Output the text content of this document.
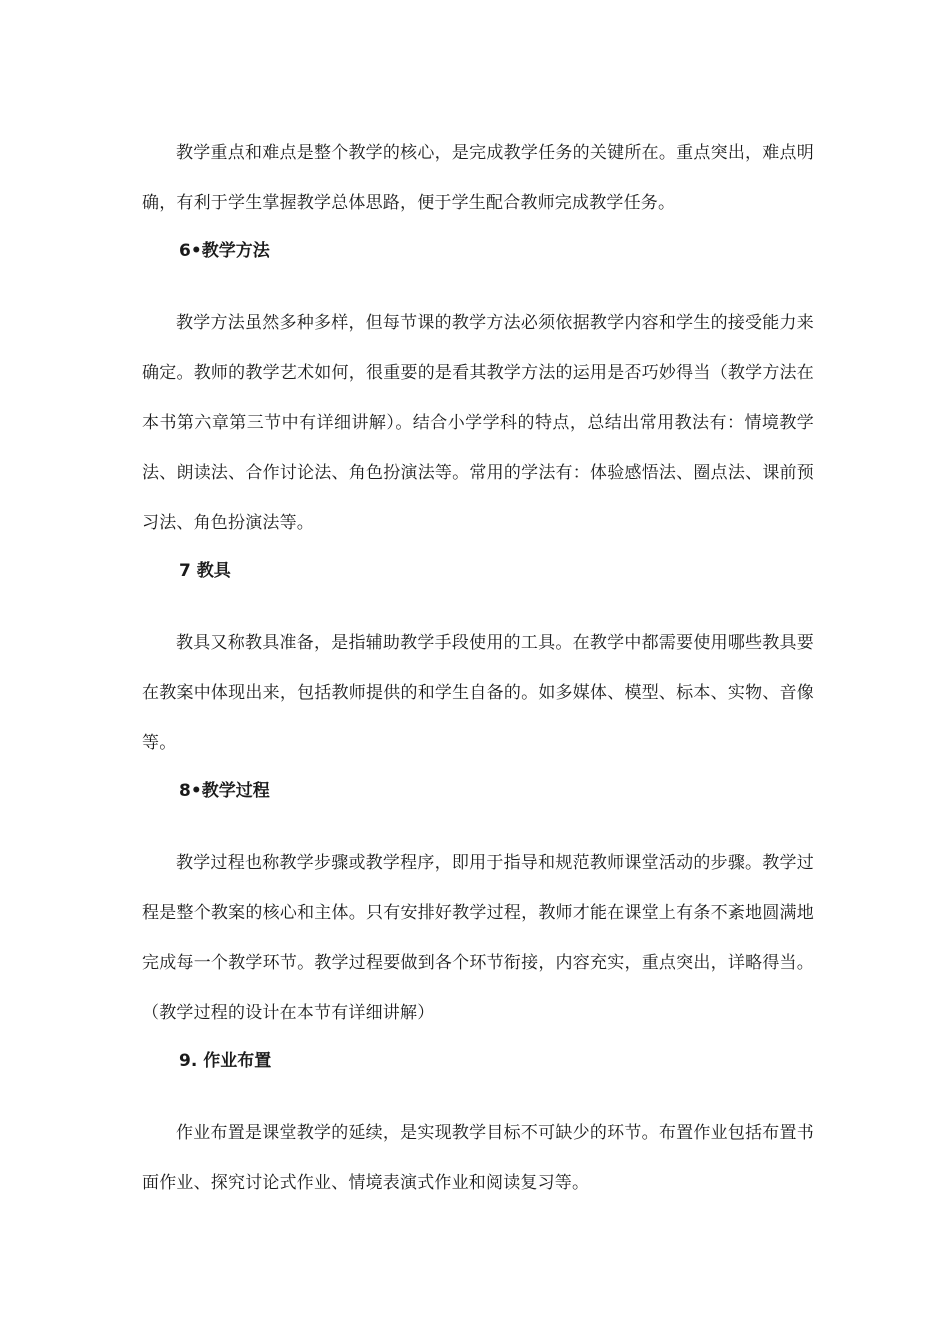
教学重点和难点是整个教学的核心，是完成教学任务的关键所在。重点突出，难点明确，有利于学生掌握教学总体思路，便于学生配合教师完成教学任务。

6•教学方法

教学方法虽然多种多样，但每节课的教学方法必须依据教学内容和学生的接受能力来确定。教师的教学艺术如何，很重要的是看其教学方法的运用是否巧妙得当（教学方法在本书第六章第三节中有详细讲解）。结合小学学科的特点，总结出常用教法有：情境教学法、朗读法、合作讨论法、角色扮演法等。常用的学法有：体验感悟法、圈点法、课前预习法、角色扮演法等。

7 教具

教具又称教具准备，是指辅助教学手段使用的工具。在教学中都需要使用哪些教具要在教案中体现出来，包括教师提供的和学生自备的。如多媒体、模型、标本、实物、音像等。

8•教学过程

教学过程也称教学步骤或教学程序，即用于指导和规范教师课堂活动的步骤。教学过程是整个教案的核心和主体。只有安排好教学过程，教师才能在课堂上有条不紊地圆满地完成每一个教学环节。教学过程要做到各个环节衔接，内容充实，重点突出，详略得当。（教学过程的设计在本节有详细讲解）

9. 作业布置

作业布置是课堂教学的延续，是实现教学目标不可缺少的环节。布置作业包括布置书面作业、探究讨论式作业、情境表演式作业和阅读复习等。
